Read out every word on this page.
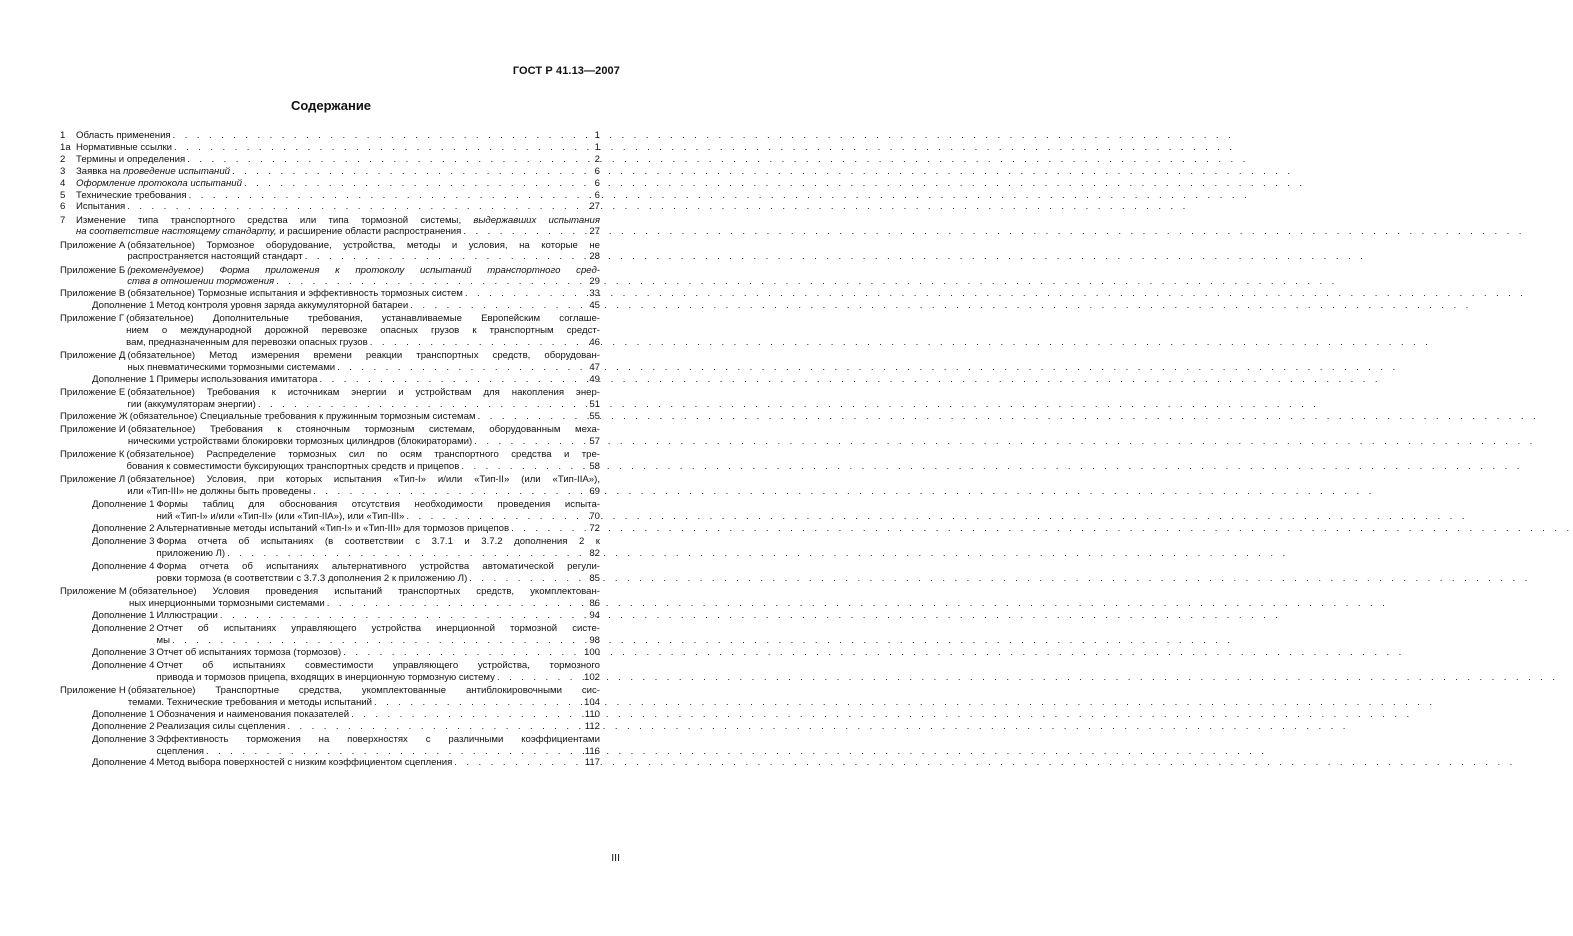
ГОСТ Р 41.13—2007
Содержание
1	Область применения . . .	1
1а Нормативные ссылки . . .	1
2	Термины и определения . . .	2
3	Заявка на проведение испытаний . . .	6
4	Оформление протокола испытаний . . .	6
5	Технические требования . . .	6
6	Испытания . . .	27
7	Изменение типа транспортного средства или типа тормозной системы, выдержавших испытания
на соответствие настоящему стандарту, и расширение области распространения . . .	27
Приложение А (обязательное) Тормозное оборудование, устройства, методы и условия, на которые не
распространяется настоящий стандарт . . .	28
Приложение Б (рекомендуемое) Форма приложения к протоколу испытаний транспортного сред-
ства в отношении торможения . . .	29
Приложение В (обязательное) Тормозные испытания и эффективность тормозных систем . . .	33
Дополнение 1 Метод контроля уровня заряда аккумуляторной батареи . . .	45
Приложение Г (обязательное) Дополнительные требования, устанавливаемые Европейским соглаше-
нием о международной дорожной перевозке опасных грузов к транспортным средст-
вам, предназначенным для перевозки опасных грузов . . .	46
Приложение Д (обязательное) Метод измерения времени реакции транспортных средств, оборудован-
ных пневматическими тормозными системами . . .	47
Дополнение 1 Примеры использования имитатора . . .	49
Приложение Е (обязательное) Требования к источникам энергии и устройствам для накопления энер-
гии (аккумуляторам энергии) . . .	51
Приложение Ж (обязательное) Специальные требования к пружинным тормозным системам . . .	55
Приложение И (обязательное) Требования к стояночным тормозным системам, оборудованным меха-
ническими устройствами блокировки тормозных цилиндров (блокираторами) . . .	57
Приложение К (обязательное) Распределение тормозных сил по осям транспортного средства и тре-
бования к совместимости буксирующих транспортных средств и прицепов . . .	58
Приложение Л (обязательное) Условия, при которых испытания «Тип-I» и/или «Тип-II» (или «Тип-IIA»),
или «Тип-III» не должны быть проведены . . .	69
Дополнение 1 Формы таблиц для обоснования отсутствия необходимости проведения испыта-
ний «Тип-I» и/или «Тип-II» (или «Тип-IIA»), или «Тип-III» . . .	70
Дополнение 2 Альтернативные методы испытаний «Тип-I» и «Тип-III» для тормозов прицепов . . .	72
Дополнение 3 Форма отчета об испытаниях (в соответствии с 3.7.1 и 3.7.2 дополнения 2 к
приложению Л) . . .	82
Дополнение 4 Форма отчета об испытаниях альтернативного устройства автоматической регули-
ровки тормоза (в соответствии с 3.7.3 дополнения 2 к приложению Л) . . .	85
Приложение М (обязательное) Условия проведения испытаний транспортных средств, укомплектован-
ных инерционными тормозными системами . . .	86
Дополнение 1 Иллюстрации . . .	94
Дополнение 2 Отчет об испытаниях управляющего устройства инерционной тормозной систе-
мы . . .	98
Дополнение 3 Отчет об испытаниях тормоза (тормозов) . . .	100
Дополнение 4 Отчет об испытаниях совместимости управляющего устройства, тормозного
привода и тормозов прицепа, входящих в инерционную тормозную систему . . .	102
Приложение Н (обязательное) Транспортные средства, укомплектованные антиблокировочными сис-
темами. Технические требования и методы испытаний . . .	104
Дополнение 1 Обозначения и наименования показателей . . .	110
Дополнение 2 Реализация силы сцепления . . .	112
Дополнение 3 Эффективность торможения на поверхностях с различными коэффициентами
сцепления . . .	116
Дополнение 4 Метод выбора поверхностей с низким коэффициентом сцепления . . .	117
III
